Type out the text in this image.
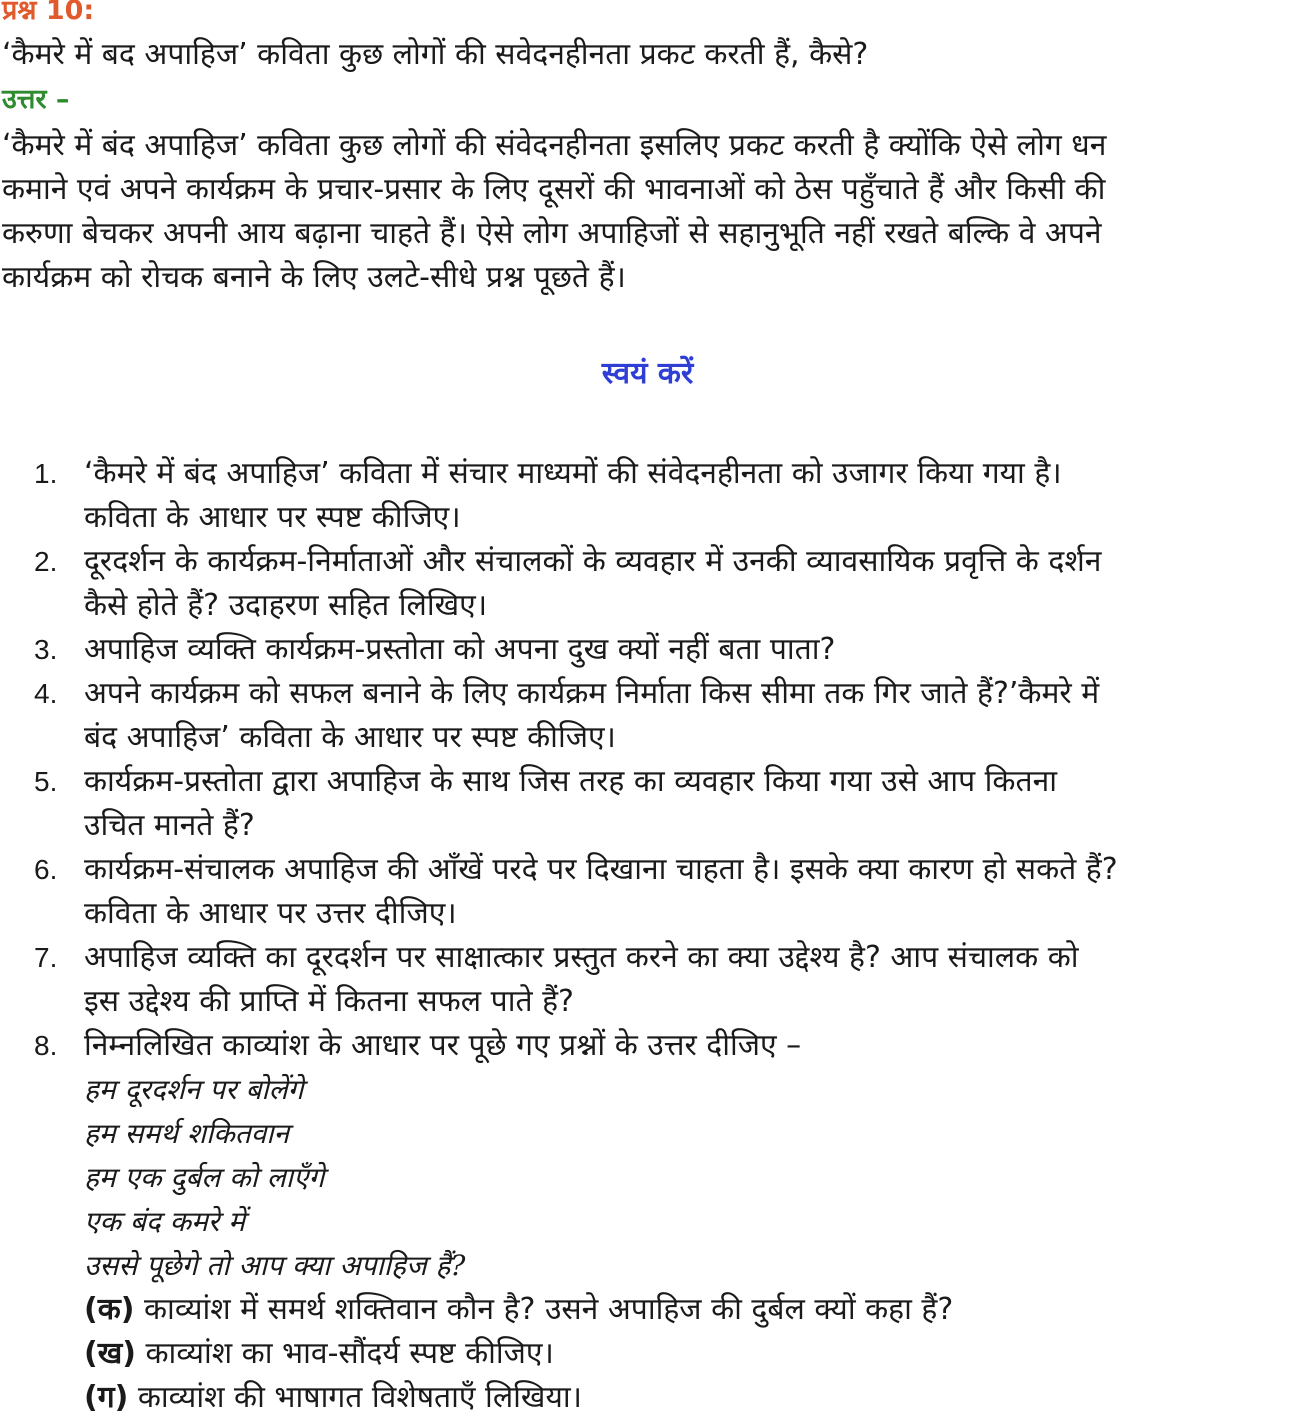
प्रश्न 10:
‘कैमरे में बद अपाहिज’ कविता कुछ लोगों की सवेदनहीनता प्रकट करती हैं, कैसे?
उत्तर –
‘कैमरे में बंद अपाहिज’ कविता कुछ लोगों की संवेदनहीनता इसलिए प्रकट करती है क्योंकि ऐसे लोग धन
कमाने एवं अपने कार्यक्रम के प्रचार-प्रसार के लिए दूसरों की भावनाओं को ठेस पहुँचाते हैं और किसी की
करुणा बेचकर अपनी आय बढ़ाना चाहते हैं। ऐसे लोग अपाहिजों से सहानुभूति नहीं रखते बल्कि वे अपने
कार्यक्रम को रोचक बनाने के लिए उलटे-सीधे प्रश्न पूछते हैं।
स्वयं करें
1. ‘कैमरे में बंद अपाहिज’ कविता में संचार माध्यमों की संवेदनहीनता को उजागर किया गया है।
कविता के आधार पर स्पष्ट कीजिए।
2. दूरदर्शन के कार्यक्रम-निर्माताओं और संचालकों के व्यवहार में उनकी व्यावसायिक प्रवृत्ति के दर्शन
कैसे होते हैं? उदाहरण सहित लिखिए।
3. अपाहिज व्यक्ति कार्यक्रम-प्रस्तोता को अपना दुख क्यों नहीं बता पाता?
4. अपने कार्यक्रम को सफल बनाने के लिए कार्यक्रम निर्माता किस सीमा तक गिर जाते हैं?’कैमरे में
बंद अपाहिज’ कविता के आधार पर स्पष्ट कीजिए।
5. कार्यक्रम-प्रस्तोता द्वारा अपाहिज के साथ जिस तरह का व्यवहार किया गया उसे आप कितना
उचित मानते हैं?
6. कार्यक्रम-संचालक अपाहिज की आँखें परदे पर दिखाना चाहता है। इसके क्या कारण हो सकते हैं?
कविता के आधार पर उत्तर दीजिए।
7. अपाहिज व्यक्ति का दूरदर्शन पर साक्षात्कार प्रस्तुत करने का क्या उद्देश्य है? आप संचालक को
इस उद्देश्य की प्राप्ति में कितना सफल पाते हैं?
8. निम्नलिखित काव्यांश के आधार पर पूछे गए प्रश्नों के उत्तर दीजिए –
हम दूरदर्शन पर बोलेंगे
हम समर्थ शकितवान
हम एक दुर्बल को लाएँगे
एक बंद कमरे में
उससे पूछेगे तो आप क्या अपाहिज हैं?
(क) काव्यांश में समर्थ शक्तिवान कौन है? उसने अपाहिज की दुर्बल क्यों कहा हैं?
(ख) काव्यांश का भाव-सौंदर्य स्पष्ट कीजिए।
(ग) काव्यांश की भाषागत विशेषताएँ लिखिया।
